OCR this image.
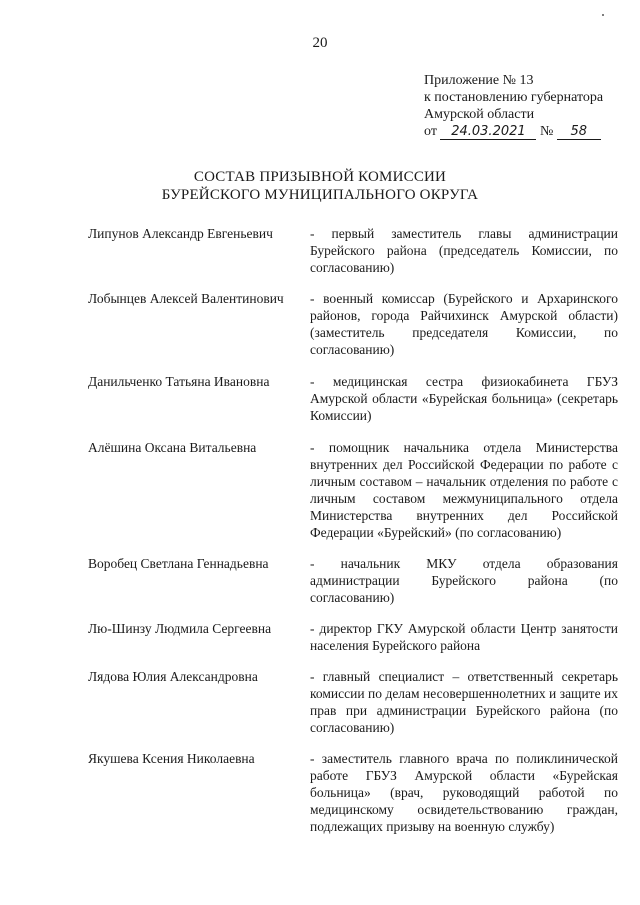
20
Приложение № 13
к постановлению губернатора
Амурской области
от 24.03.2021 № 58
СОСТАВ ПРИЗЫВНОЙ КОМИССИИ
БУРЕЙСКОГО МУНИЦИПАЛЬНОГО ОКРУГА
Липунов Александр Евгеньевич	- первый заместитель главы администрации Бурейского района (председатель Комиссии, по согласованию)
Лобынцев Алексей Валентинович	- военный комиссар (Бурейского и Архаринского районов, города Райчихинск Амурской области) (заместитель председателя Комиссии, по согласованию)
Данильченко Татьяна Ивановна	- медицинская сестра физиокабинета ГБУЗ Амурской области «Бурейская больница» (секретарь Комиссии)
Алёшина Оксана Витальевна	- помощник начальника отдела Министерства внутренних дел Российской Федерации по работе с личным составом – начальник отделения по работе с личным составом межмуниципального отдела Министерства внутренних дел Российской Федерации «Бурейский» (по согласованию)
Воробец Светлана Геннадьевна	- начальник МКУ отдела образования администрации Бурейского района (по согласованию)
Лю-Шинзу Людмила Сергеевна	- директор ГКУ Амурской области Центр занятости населения Бурейского района
Лядова Юлия Александровна	- главный специалист – ответственный секретарь комиссии по делам несовершеннолетних и защите их прав при администрации Бурейского района (по согласованию)
Якушева Ксения Николаевна	- заместитель главного врача по поликлинической работе ГБУЗ Амурской области «Бурейская больница» (врач, руководящий работой по медицинскому освидетельствованию граждан, подлежащих призыву на военную службу)
